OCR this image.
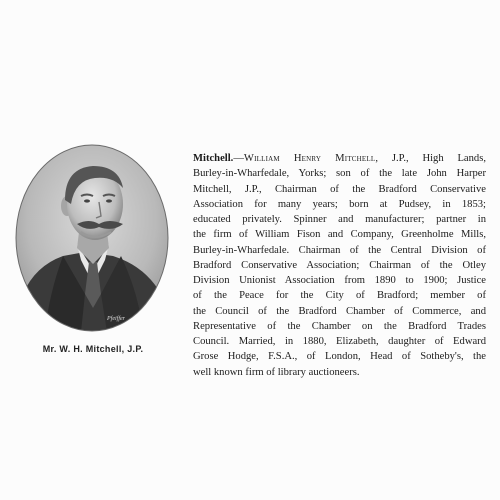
Pfeiffer
Mr. W. H. Mitchell, J.P.
Mitchell.—William Henry Mitchell, J.P., High Lands,
Burley-in-Wharfedale, Yorks; son of the late John Harper
Mitchell, J.P., Chairman of the Bradford Conservative
Association for many years; born at Pudsey, in 1853;
educated privately. Spinner and manufacturer; partner in
the firm of William Fison and Company, Greenholme Mills,
Burley-in-Wharfedale. Chairman of the Central Division of
Bradford Conservative Association; Chairman of the Otley
Division Unionist Association from 1890 to 1900; Justice
of the Peace for the City of Bradford; member of
the Council of the Bradford Chamber of Commerce, and
Representative of the Chamber on the Bradford Trades
Council. Married, in 1880, Elizabeth, daughter of Edward
Grose Hodge, F.S.A., of London, Head of Sotheby's, the
well known firm of library auctioneers.
